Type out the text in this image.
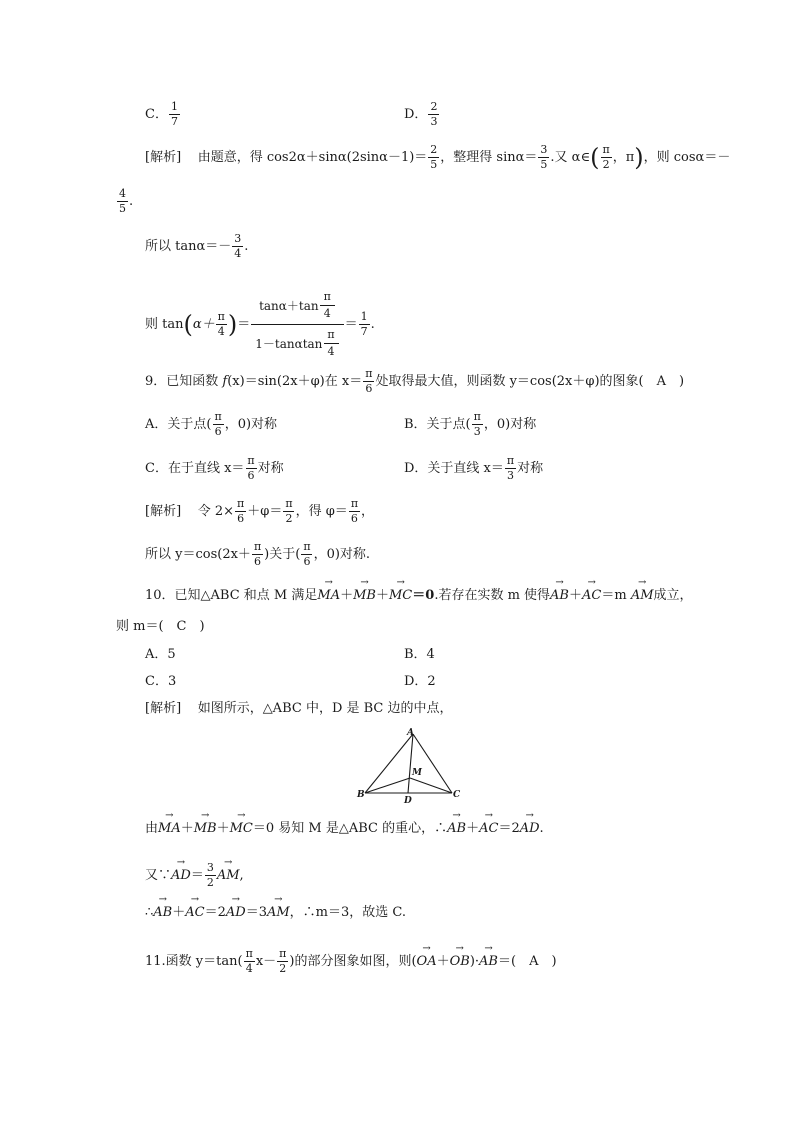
C． $\frac{1}{7}$	D． $\frac{2}{3}$
[解析] 由题意，得 $\cos 2\alpha+\sin\alpha(2\sin\alpha-1)= \frac{2}{5}$ ，整理得 $\sin\alpha= \frac{3}{5}$ .又 α∈( $\frac{\pi}{2}$ ，π)，则 cosα＝－
$\frac{4}{5}$ .
所以 $\tan\alpha=- \frac{3}{4}$ .
则 $\tan(\alpha+ \frac{\pi}{4}$ )＝ $\frac{\tan\alpha+\tan \frac{\pi}{4}}{1-\tan\alpha\tan \frac{\pi}{4}} = \frac{1}{7}$ .
9．已知函数 f(x)＝sin(2x＋φ)在 $x= \frac{\pi}{6}$ 处取得最大值，则函数 y＝cos(2x＋φ)的图象(　A　)
A．关于点( $\frac{\pi}{6}$ ，0)对称	B．关于点( $\frac{\pi}{3}$ ，0)对称
C．在于直线 $x= \frac{\pi}{6}$ 对称	D．关于直线 $x= \frac{\pi}{3}$ 对称
[解析] 令 $2\times \frac{\pi}{6} +\varphi= \frac{\pi}{2}$ ，得 $\varphi= \frac{\pi}{6}$ ，
所以 $y=\cos(2x+ \frac{\pi}{6}$ )关于( $\frac{\pi}{6}$ ，0)对称.
10．已知△ABC 和点 M 满足→ MA＋→ MB＋→ MC＝0.若存在实数 m 使得→ AB＋→ AC＝m → AM成立，
则 m＝(　C　)
A．5	B．4
C．3	D．2
[解析] 如图所示，△ABC 中，D 是 BC 边的中点，
A
B	C
D
M
由→ MA＋→ MB＋→ MC＝0 易知 M 是△ABC 的重心，∴→ AB＋→ AC＝2→ AD.
又∵→ $AD= \frac{3}{2}$
→ AM,
∴→ AB＋→ AC＝2→ AD＝3→ AM，∴m＝3，故选 C.
11.函数 $y=\tan( \frac{\pi}{4} x- \frac{\pi}{2}$ )的部分图象如图，则(→ OA＋→ OB)·→ AB＝(　A　)
